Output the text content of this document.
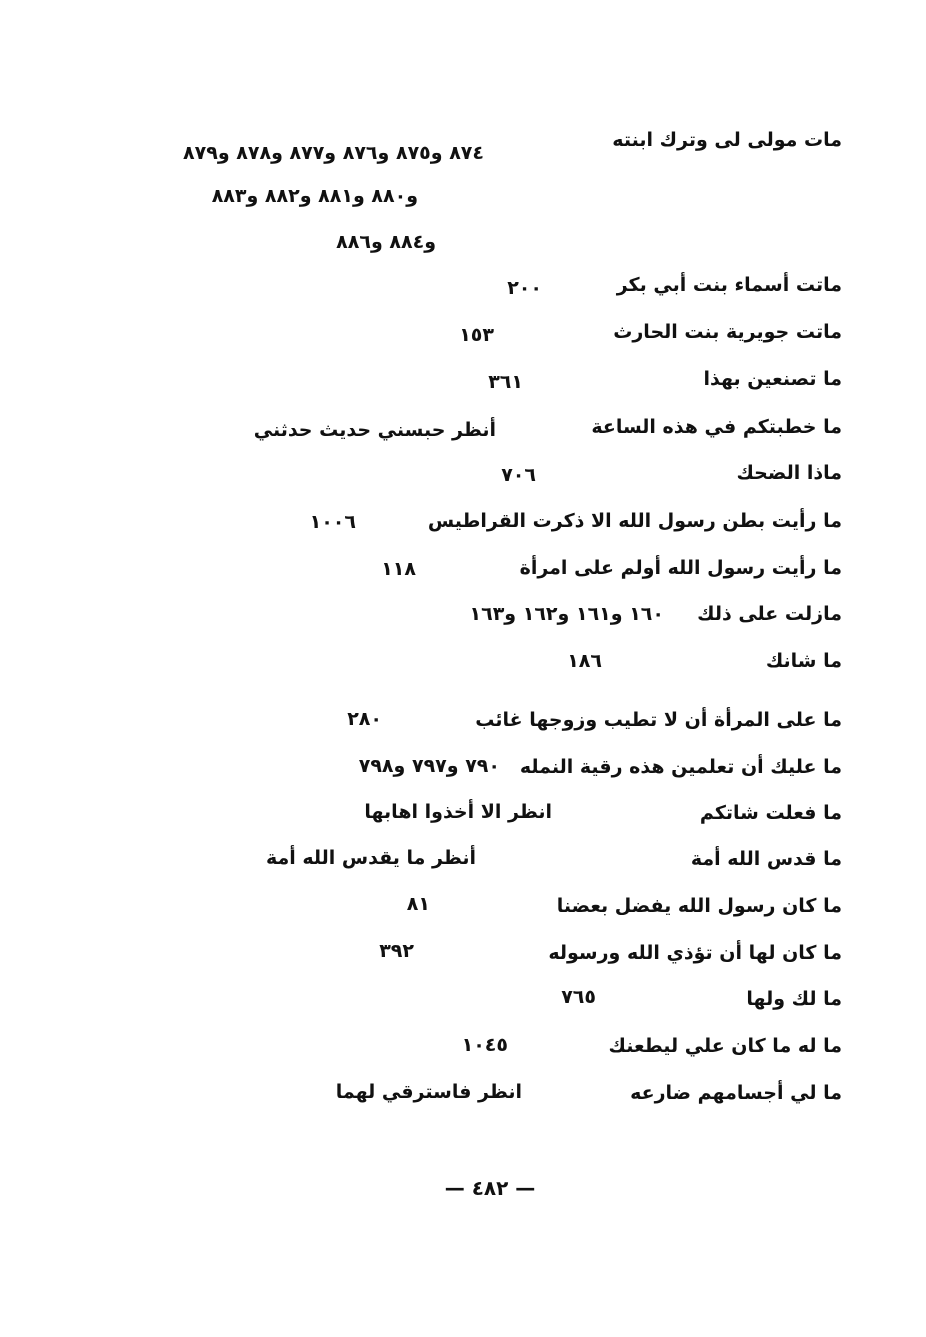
مات مولى لى وترك ابنته
٨٧٤ و٨٧٥ و٨٧٦ و٨٧٧ و٨٧٨ و٨٧٩
و٨٨٠ و٨٨١ و٨٨٢ و٨٨٣
و٨٨٤ و٨٨٦
ماتت أسماء بنت أبي بكر
٢٠٠
ماتت جويرية بنت الحارث
١٥٣
ما تصنعين بهذا
٣٦١
ما خطبتكم في هذه الساعة
أنظر حبسني حديث حدثني
ماذا الضحك
٧٠٦
ما رأيت بطن رسول الله الا ذكرت القراطيس
١٠٠٦
ما رأيت رسول الله أولم على امرأة
١١٨
مازلت على ذلك
١٦٠ و١٦١ و١٦٢ و١٦٣
ما شانك
١٨٦
ما على المرأة أن لا تطيب وزوجها غائب
٢٨٠
ما عليك أن تعلمين هذه رقية النمله
٧٩٠ و٧٩٧ و٧٩٨
ما فعلت شاتكم
انظر الا أخذوا اهابها
ما قدس الله أمة
أنظر ما يقدس الله أمة
ما كان رسول الله يفضل بعضنا
٨١
ما كان لها أن تؤذي الله ورسوله
٣٩٢
ما لك ولها
٧٦٥
ما له ما كان علي ليطعنك
١٠٤٥
ما لي أجسامهم ضارعه
انظر فاسترقي لهما
— ٤٨٢ —
